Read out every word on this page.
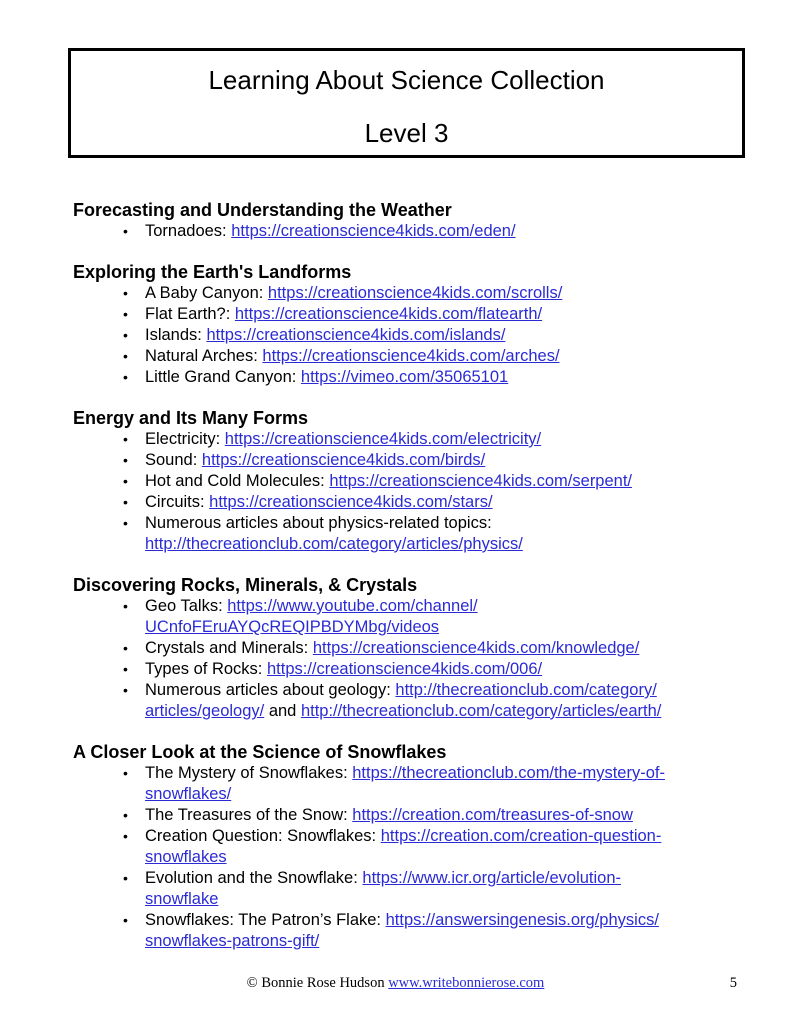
Learning About Science Collection
Level 3
Forecasting and Understanding the Weather
• Tornadoes: https://creationscience4kids.com/eden/
Exploring the Earth's Landforms
• A Baby Canyon: https://creationscience4kids.com/scrolls/
• Flat Earth?: https://creationscience4kids.com/flatearth/
• Islands: https://creationscience4kids.com/islands/
• Natural Arches: https://creationscience4kids.com/arches/
• Little Grand Canyon: https://vimeo.com/35065101
Energy and Its Many Forms
• Electricity: https://creationscience4kids.com/electricity/
• Sound: https://creationscience4kids.com/birds/
• Hot and Cold Molecules: https://creationscience4kids.com/serpent/
• Circuits: https://creationscience4kids.com/stars/
• Numerous articles about physics-related topics:
http://thecreationclub.com/category/articles/physics/
Discovering Rocks, Minerals, & Crystals
• Geo Talks: https://www.youtube.com/channel/
UCnfoFEruAYQcREQIPBDYMbg/videos
• Crystals and Minerals: https://creationscience4kids.com/knowledge/
• Types of Rocks: https://creationscience4kids.com/006/
• Numerous articles about geology: http://thecreationclub.com/category/
articles/geology/ and http://thecreationclub.com/category/articles/earth/
A Closer Look at the Science of Snowflakes
• The Mystery of Snowflakes: https://thecreationclub.com/the-mystery-of-
snowflakes/
• The Treasures of the Snow: https://creation.com/treasures-of-snow
• Creation Question: Snowflakes: https://creation.com/creation-question-
snowflakes
• Evolution and the Snowflake: https://www.icr.org/article/evolution-
snowflake
• Snowflakes: The Patron’s Flake: https://answersingenesis.org/physics/
snowflakes-patrons-gift/
© Bonnie Rose Hudson www.writebonnierose.com	5
